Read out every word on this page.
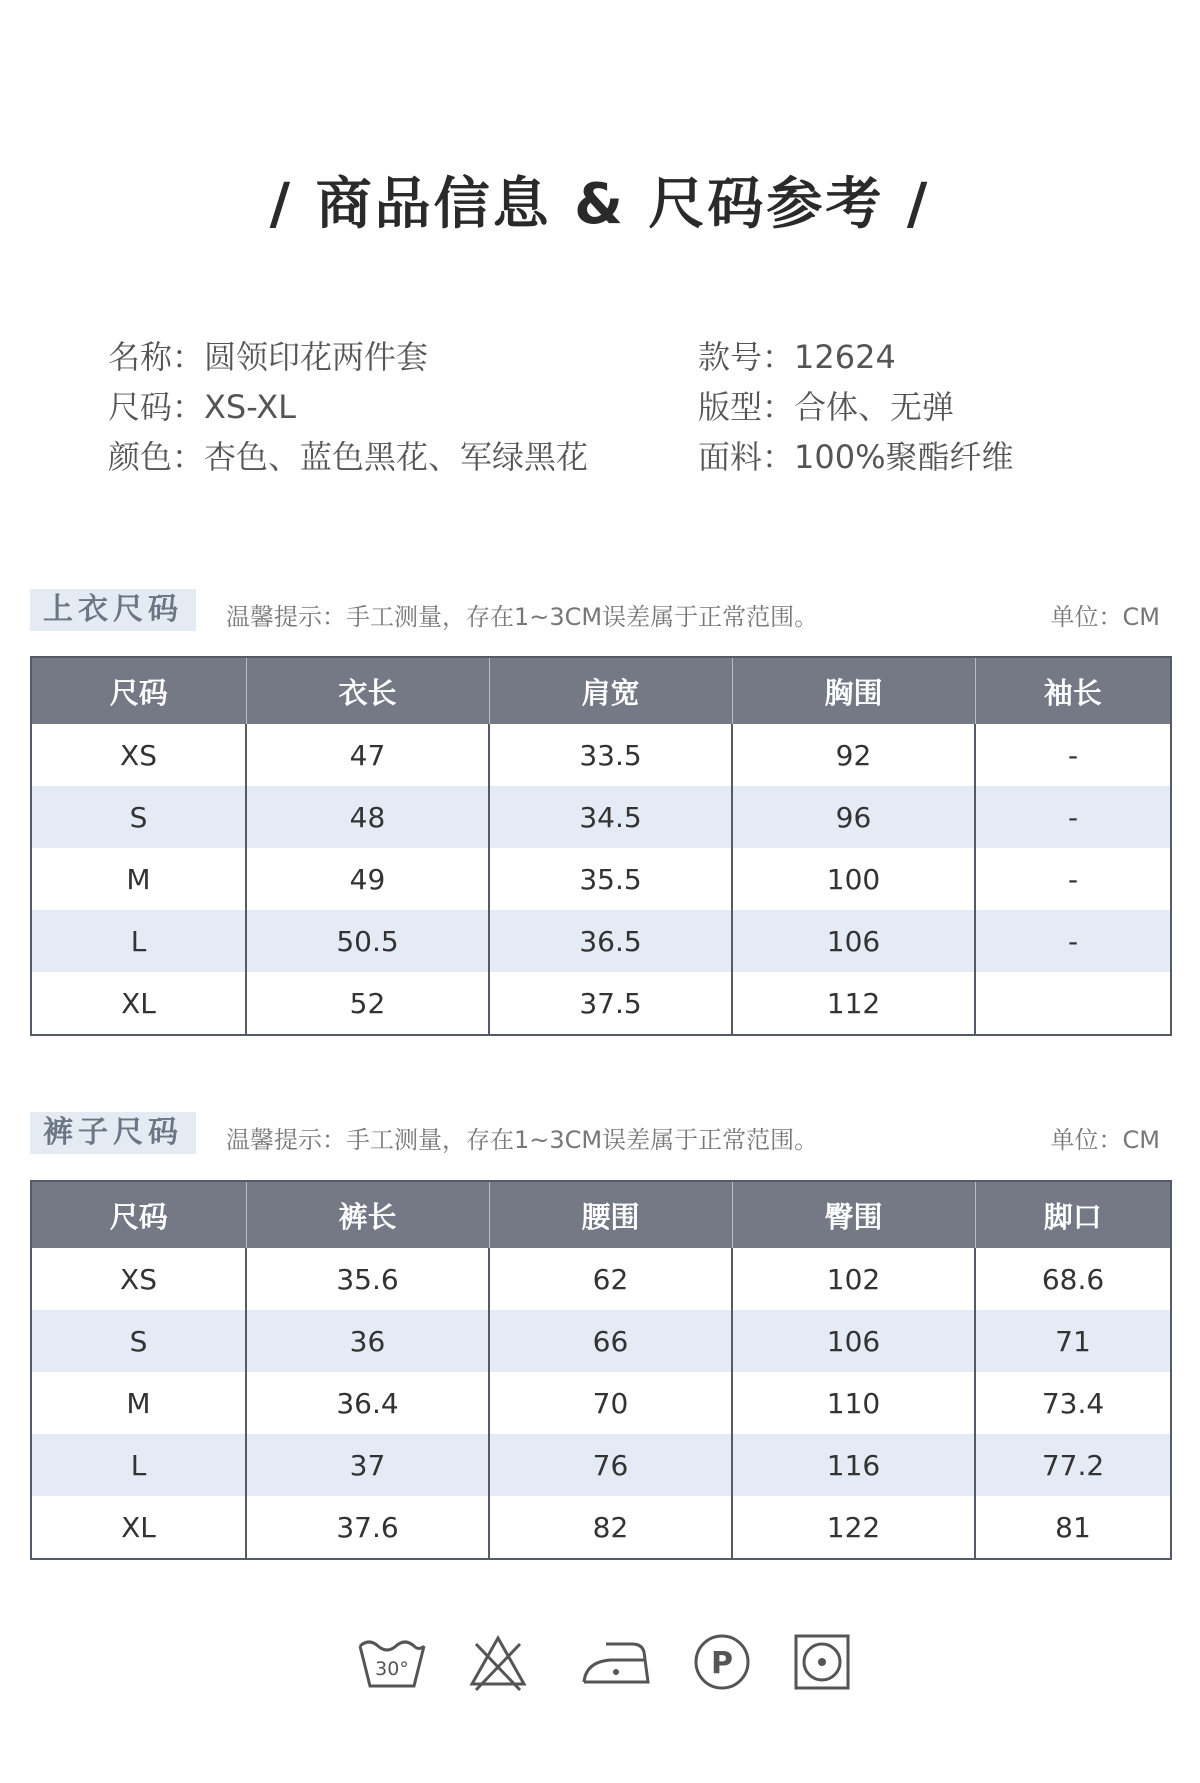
/ 商品信息 & 尺码参考 /
名称：圆领印花两件套
尺码：XS-XL
颜色：杏色、蓝色黑花、军绿黑花
款号：12624
版型：合体、无弹
面料：100%聚酯纤维
上衣尺码	温馨提示：手工测量，存在1~3CM误差属于正常范围。	单位：CM
尺码	衣长	肩宽	胸围	袖长
XS	47	33.5	92	-
S	48	34.5	96	-
M	49	35.5	100	-
L	50.5	36.5	106	-
XL	52	37.5	112	
裤子尺码	温馨提示：手工测量，存在1~3CM误差属于正常范围。	单位：CM
尺码	裤长	腰围	臀围	脚口
XS	35.6	62	102	68.6
S	36	66	106	71
M	36.4	70	110	73.4
L	37	76	116	77.2
XL	37.6	82	122	81
30°	P
